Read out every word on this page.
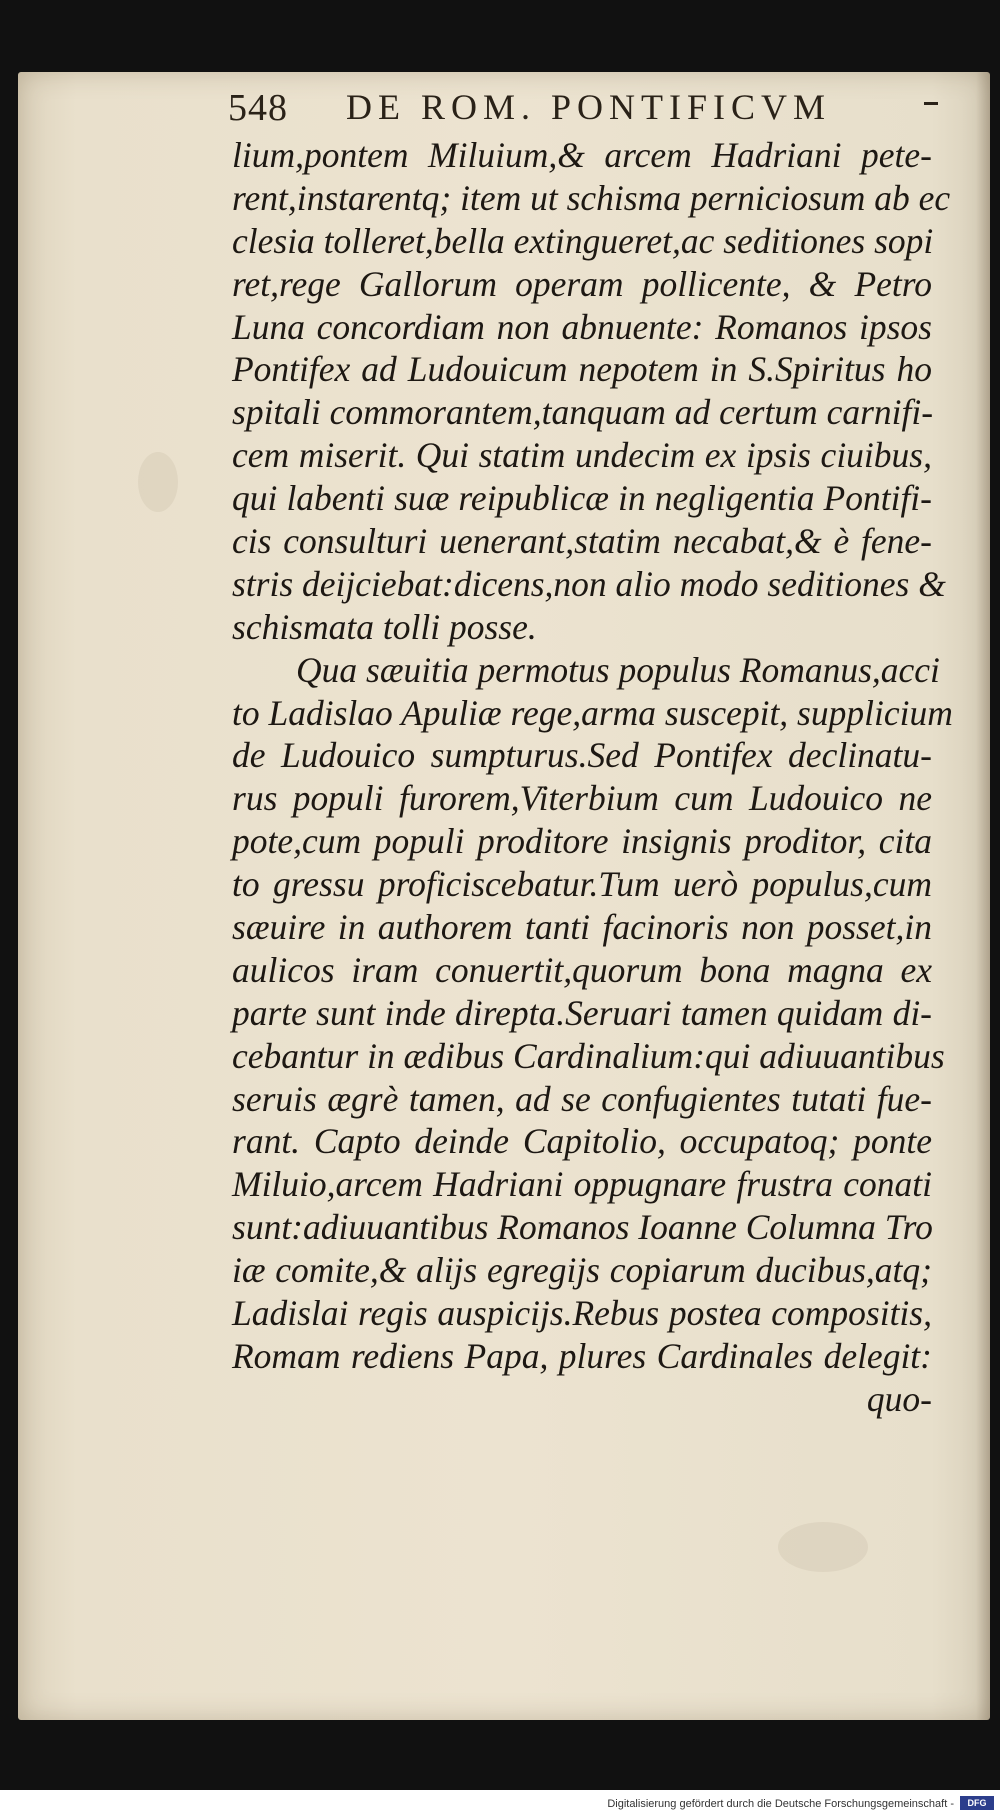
548 DE ROM. PONTIFICVM
lium,pontem Miluium,& arcem Hadriani pete-
rent,instarentq; item ut schisma perniciosum ab ec
clesia tolleret,bella extingueret,ac seditiones sopi
ret,rege Gallorum operam pollicente, & Petro
Luna concordiam non abnuente: Romanos ipsos
Pontifex ad Ludouicum nepotem in S.Spiritus ho
spitali commorantem,tanquam ad certum carnifi-
cem miserit. Qui statim undecim ex ipsis ciuibus,
qui labenti suæ reipublicæ in negligentia Pontifi-
cis consulturi uenerant,statim necabat,& è fene-
stris deijciebat:dicens,non alio modo seditiones &
schismata tolli posse.
Qua sæuitia permotus populus Romanus,acci
to Ladislao Apuliæ rege,arma suscepit, supplicium
de Ludouico sumpturus.Sed Pontifex declinatu-
rus populi furorem,Viterbium cum Ludouico ne
pote,cum populi proditore insignis proditor, cita
to gressu proficiscebatur.Tum uerò populus,cum
sæuire in authorem tanti facinoris non posset,in
aulicos iram conuertit,quorum bona magna ex
parte sunt inde direpta.Seruari tamen quidam di-
cebantur in ædibus Cardinalium:qui adiuuantibus
seruis ægrè tamen, ad se confugientes tutati fue-
rant. Capto deinde Capitolio, occupatoq; ponte
Miluio,arcem Hadriani oppugnare frustra conati
sunt:adiuuantibus Romanos Ioanne Columna Tro
iæ comite,& alijs egregijs copiarum ducibus,atq;
Ladislai regis auspicijs.Rebus postea compositis,
Romam rediens Papa, plures Cardinales delegit:
quo-
Digitalisierung gefördert durch die Deutsche Forschungsgemeinschaft -	DFG
